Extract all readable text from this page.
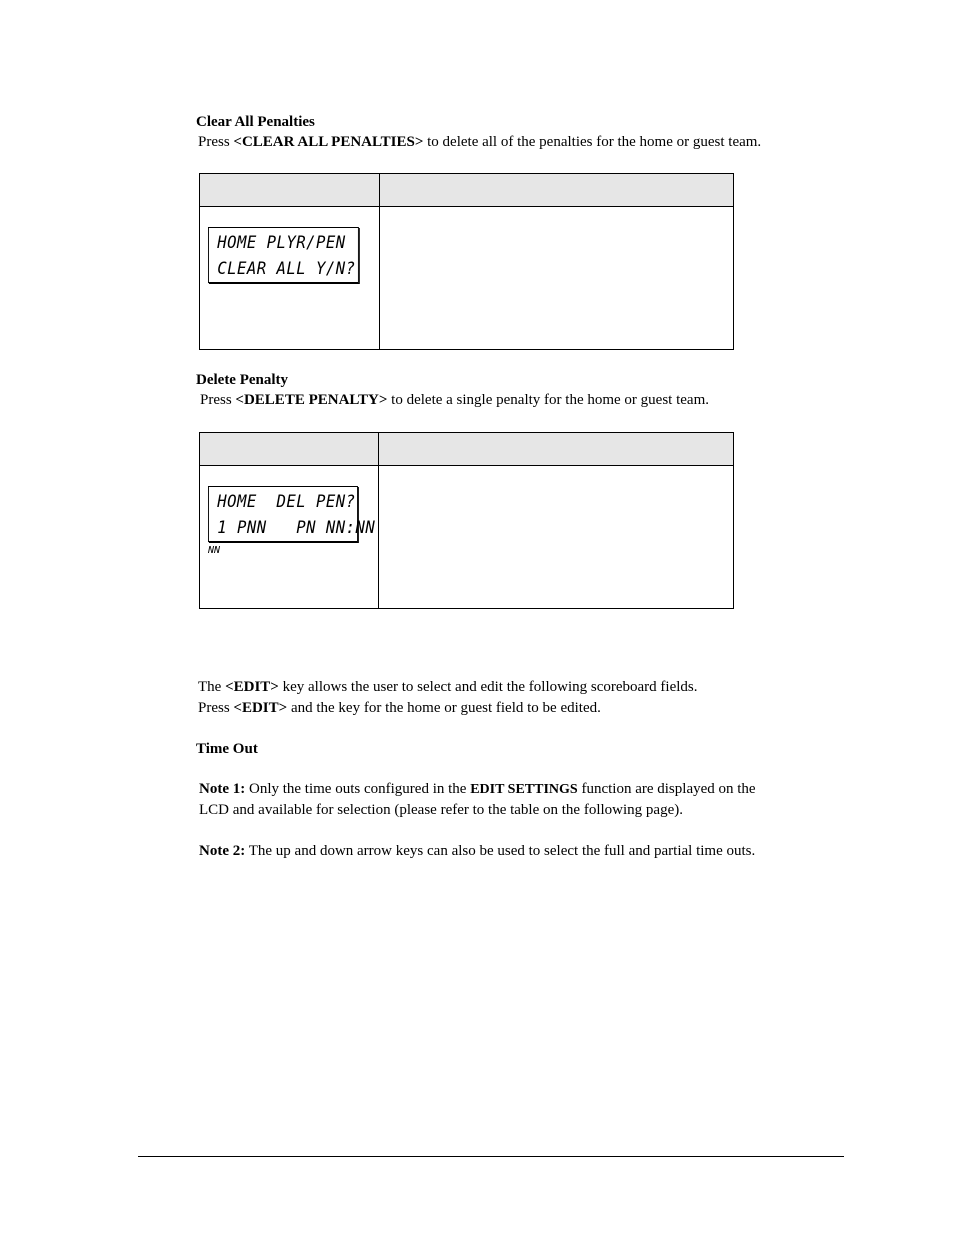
Clear All Penalties
Press <CLEAR ALL PENALTIES> to delete all of the penalties for the home or guest team.

HOME PLYR/PEN
CLEAR ALL Y/N?
Delete Penalty
Press <DELETE PENALTY> to delete a single penalty for the home or guest team.

HOME  DEL PEN?
1 PNN   PN NN:NN
NN
The <EDIT> key allows the user to select and edit the following scoreboard fields.
Press <EDIT> and the key for the home or guest field to be edited.
Time Out
Note 1: Only the time outs configured in the EDIT SETTINGS function are displayed on the
LCD and available for selection (please refer to the table on the following page).
Note 2: The up and down arrow keys can also be used to select the full and partial time outs.
